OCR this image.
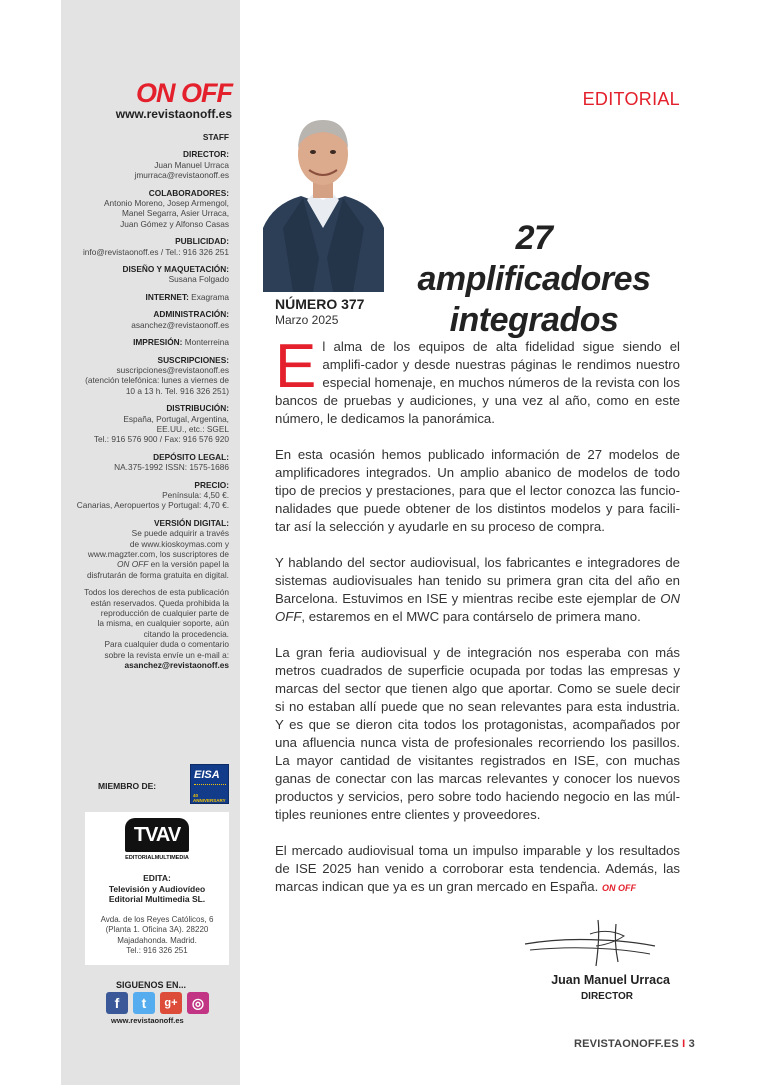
ON OFF
www.revistaonoff.es
STAFF
DIRECTOR:
Juan Manuel Urraca
jmurraca@revistaonoff.es
COLABORADORES:
Antonio Moreno, Josep Armengol,
Manel Segarra, Asier Urraca,
Juan Gómez y Alfonso Casas
PUBLICIDAD:
info@revistaonoff.es / Tel.: 916 326 251
DISEÑO Y MAQUETACIÓN:
Susana Folgado
INTERNET: Exagrama
ADMINISTRACIÓN:
asanchez@revistaonoff.es
IMPRESIÓN: Monterreina
SUSCRIPCIONES:
suscripciones@revistaonoff.es
(atención telefónica: lunes a viernes de
10 a 13 h. Tel. 916 326 251)
DISTRIBUCIÓN:
España, Portugal, Argentina,
EE.UU., etc.: SGEL
Tel.: 916 576 900 / Fax: 916 576 920
DEPÓSITO LEGAL:
NA.375-1992 ISSN: 1575-1686
PRECIO:
Península: 4,50 €.
Canarias, Aeropuertos y Portugal: 4,70 €.
VERSIÓN DIGITAL:
Se puede adquirir a través
de www.kioskoymas.com y
www.magzter.com, los suscriptores de
ON OFF en la versión papel la
disfrutarán de forma gratuita en digital.
Todos los derechos de esta publicación
están reservados. Queda prohibida la
reproducción de cualquier parte de
la misma, en cualquier soporte, aún
citando la procedencia.
Para cualquier duda o comentario
sobre la revista envíe un e-mail a:
asanchez@revistaonoff.es
MIEMBRO DE:
EISA
40 ANNIVERSARY
TVAV
EDITORIALMULTIMEDIA
EDITA:
Televisión y Audiovídeo
Editorial Multimedia SL.
Avda. de los Reyes Católicos, 6
(Planta 1. Oficina 3A). 28220
Majadahonda. Madrid.
Tel.: 916 326 251
SIGUENOS EN...
f	t	g+	◎
www.revistaonoff.es
EDITORIAL
NÚMERO 377
Marzo 2025
27 amplificadores
integrados

El alma de los equipos de alta fidelidad sigue siendo el amplifi-cador y desde nuestras páginas le rendimos nuestro especial homenaje, en muchos números de la revista con los bancos de pruebas y audiciones, y una vez al año, como en este número, le dedicamos la panorámica.

En esta ocasión hemos publicado información de 27 modelos de amplificadores integrados. Un amplio abanico de modelos de todo tipo de precios y prestaciones, para que el lector conozca las funcio-nalidades que puede obtener de los distintos modelos y para facili-tar así la selección y ayudarle en su proceso de compra.

Y hablando del sector audiovisual, los fabricantes e integradores de sistemas audiovisuales han tenido su primera gran cita del año en Barcelona. Estuvimos en ISE y mientras recibe este ejemplar de ON OFF, estaremos en el MWC para contárselo de primera mano.

La gran feria audiovisual y de integración nos esperaba con más metros cuadrados de superficie ocupada por todas las empresas y marcas del sector que tienen algo que aportar. Como se suele decir si no estaban allí puede que no sean relevantes para esta industria. Y es que se dieron cita todos los protagonistas, acompañados por una afluencia nunca vista de profesionales recorriendo los pasillos. La mayor cantidad de visitantes registrados en ISE, con muchas ganas de conectar con las marcas relevantes y conocer los nuevos productos y servicios, pero sobre todo haciendo negocio en las múl-tiples reuniones entre clientes y proveedores.

El mercado audiovisual toma un impulso imparable y los resultados de ISE 2025 han venido a corroborar esta tendencia. Además, las marcas indican que ya es un gran mercado en España. ON OFF

Juan Manuel Urraca
DIRECTOR
REVISTAONOFF.ES I 3
